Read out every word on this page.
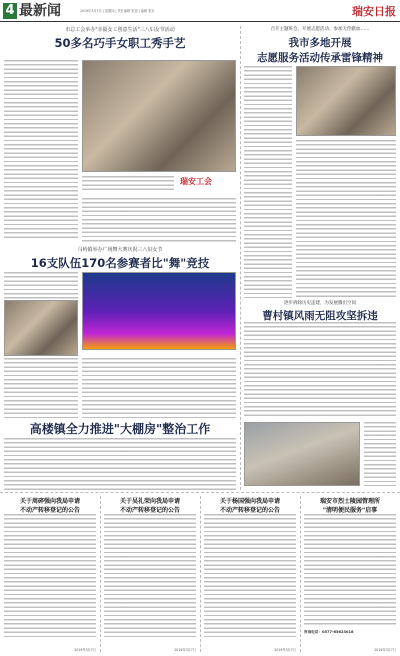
4 最新闻	2019年3月7日 | 星期四 | 责任编辑 张旭 | 编辑 张乐	瑞安日报
市总工会举办"幸福女工创意生活"三八妇女节活动
50多名巧手女职工秀手艺
瑞安工会
马屿镇举办广场舞大赛庆祝三八妇女节
16支队伍170名参赛者比"舞"竞技
高楼镇全力推进"大棚房"整治工作
召开主题班会、开展志愿活动、参加无偿献血……
我市多地开展
志愿服务活动传承雷锋精神
逐步拆除历史违建，为发展腾出空间
曹村镇风雨无阻攻坚拆违
关于周碎强向我局申请
不动产转移登记的公告
2019年3月7日
关于吴礼荣向我局申请
不动产转移登记的公告
2019年3月7日
关于杨国强向我局申请
不动产转移登记的公告
2019年3月7日
瑞安市烈士陵园管理所
"清明便民服务"启事
咨询电话：0577-65623018
2019年3月7日
